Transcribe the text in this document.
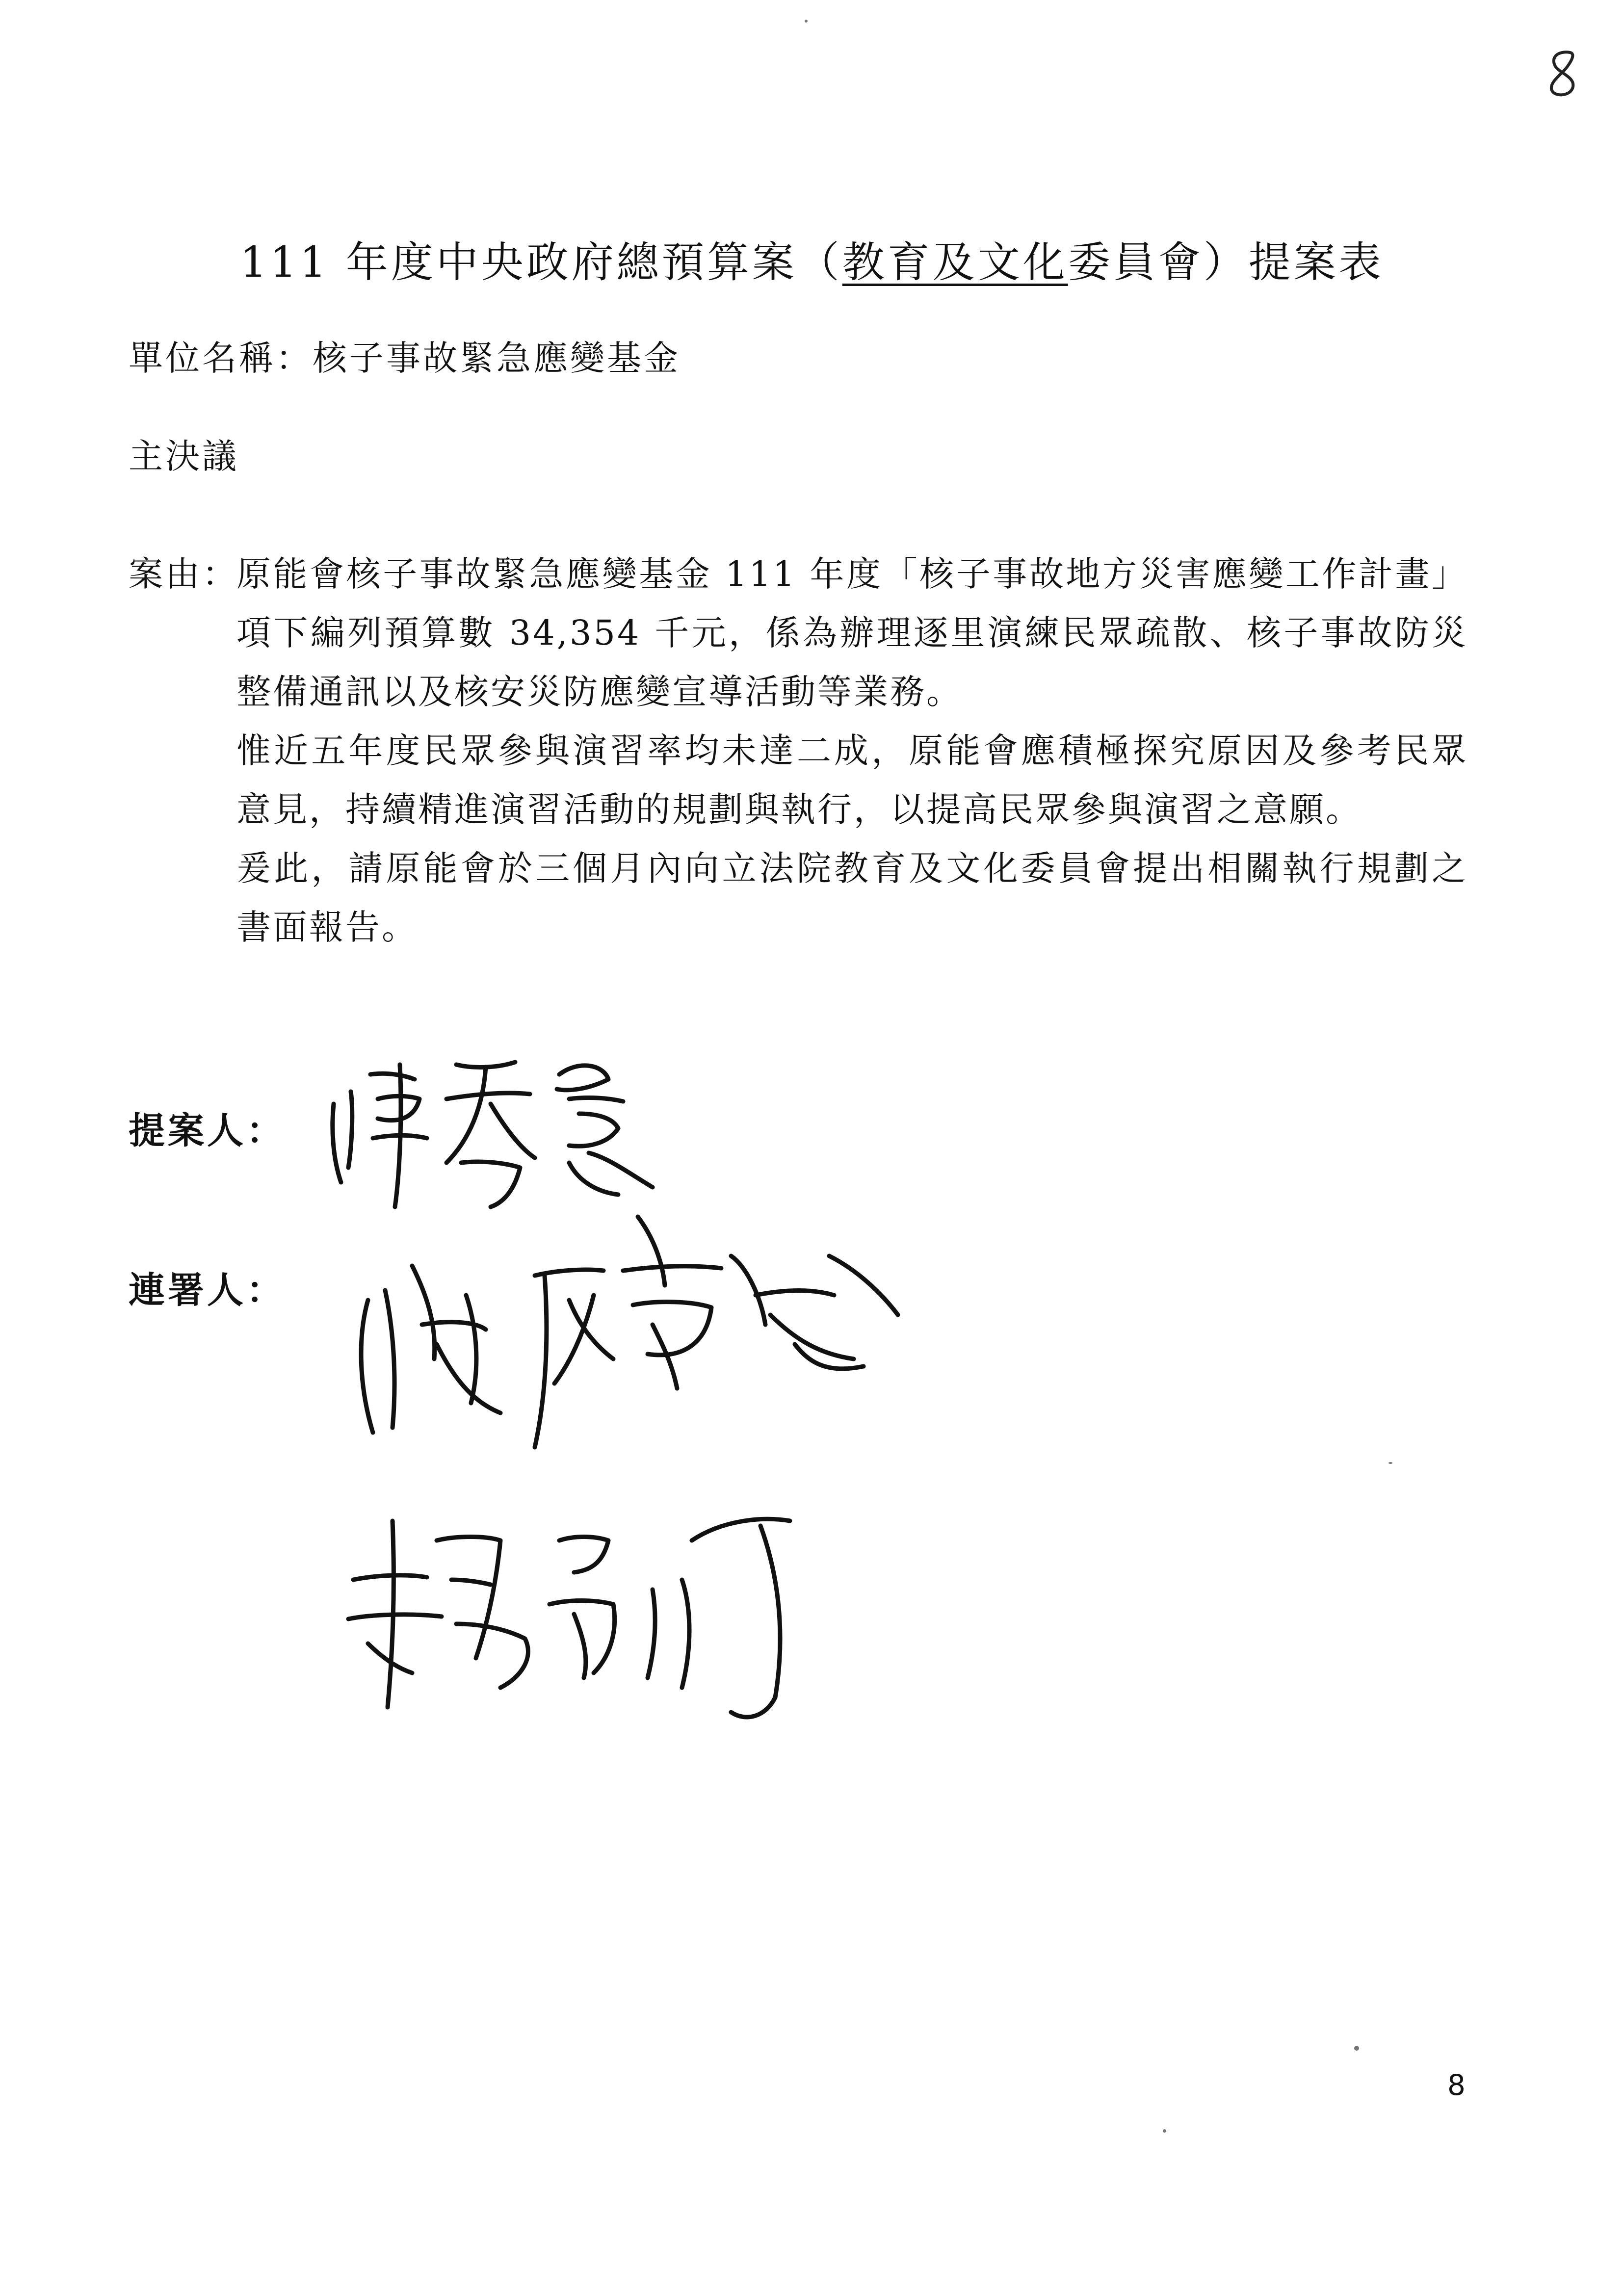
111 年度中央政府總預算案（教育及文化委員會）提案表
單位名稱：核子事故緊急應變基金
主決議
案由：

原能會核子事故緊急應變基金 111 年度「核子事故地方災害應變工作計畫」項下編列預算數 34,354 千元，係為辦理逐里演練民眾疏散、核子事故防災整備通訊以及核安災防應變宣導活動等業務。

惟近五年度民眾參與演習率均未達二成，原能會應積極探究原因及參考民眾意見，持續精進演習活動的規劃與執行，以提高民眾參與演習之意願。

爰此，請原能會於三個月內向立法院教育及文化委員會提出相關執行規劃之書面報告。

提案人：
連署人：
8
